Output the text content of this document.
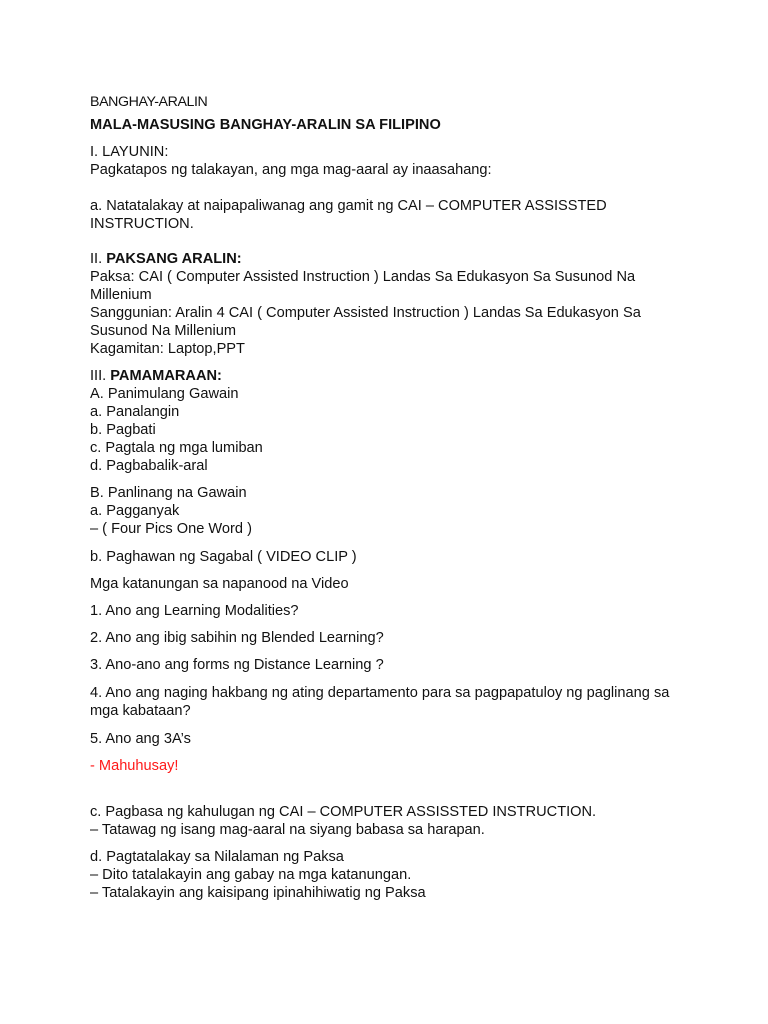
BANGHAY-ARALIN
MALA-MASUSING BANGHAY-ARALIN SA FILIPINO
I. LAYUNIN:
Pagkatapos ng talakayan, ang mga mag-aaral ay inaasahang:
a. Natatalakay at naipapaliwanag ang gamit ng CAI – COMPUTER ASSISSTED INSTRUCTION.
II. PAKSANG ARALIN:
Paksa: CAI ( Computer Assisted Instruction ) Landas Sa Edukasyon Sa Susunod Na Millenium
Sanggunian: Aralin 4 CAI ( Computer Assisted Instruction ) Landas Sa Edukasyon Sa Susunod Na Millenium
Kagamitan: Laptop,PPT
III. PAMAMARAAN:
A. Panimulang Gawain
a. Panalangin
b. Pagbati
c. Pagtala ng mga lumiban
d. Pagbabalik-aral
B. Panlinang na Gawain
a. Pagganyak
– ( Four Pics One Word )
b. Paghawan ng Sagabal ( VIDEO CLIP )
Mga katanungan sa napanood na Video
1. Ano ang Learning Modalities?
2. Ano ang ibig sabihin ng Blended Learning?
3. Ano-ano ang forms ng Distance Learning ?
4. Ano ang naging hakbang ng ating departamento para sa pagpapatuloy ng paglinang sa mga kabataan?
5. Ano ang 3A’s
- Mahuhusay!
c. Pagbasa ng kahulugan ng CAI – COMPUTER ASSISSTED INSTRUCTION.
– Tatawag ng isang mag-aaral na siyang babasa sa harapan.
d. Pagtatalakay sa Nilalaman ng Paksa
– Dito tatalakayin ang gabay na mga katanungan.
– Tatalakayin ang kaisipang ipinahihiwatig ng Paksa
